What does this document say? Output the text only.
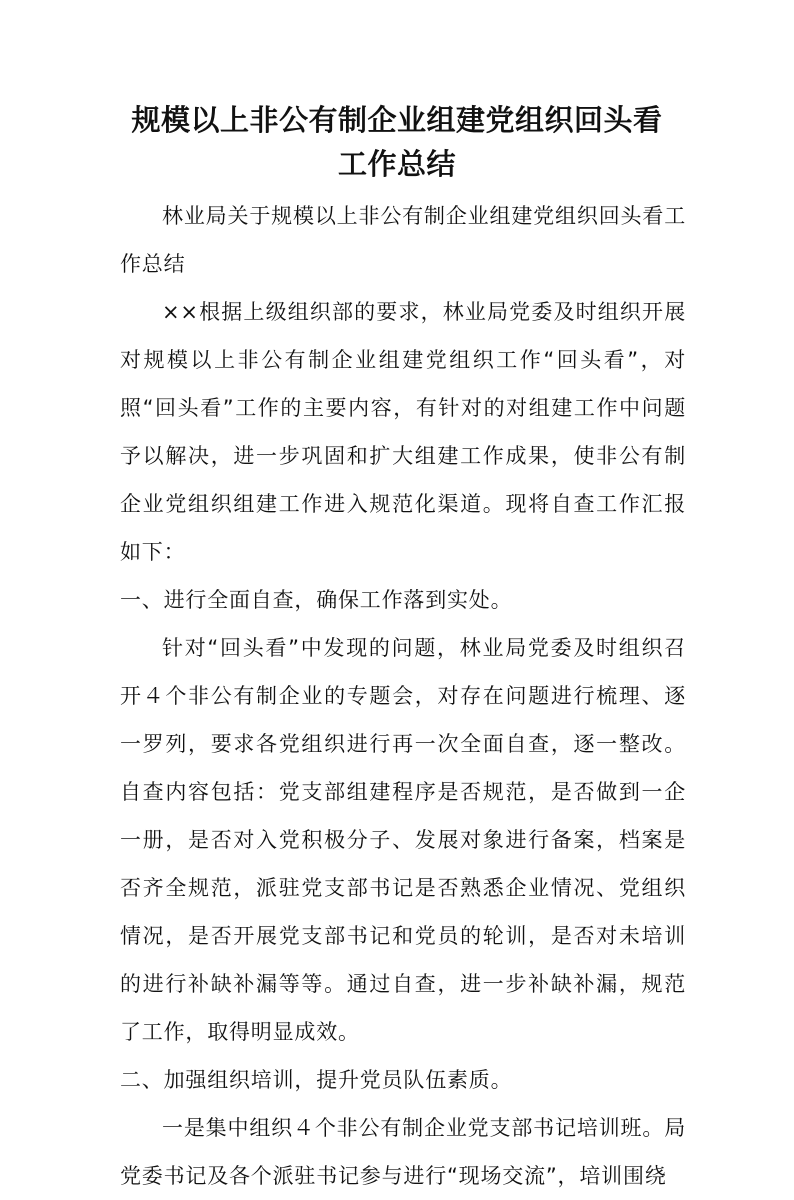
规模以上非公有制企业组建党组织回头看
工作总结

林业局关于规模以上非公有制企业组建党组织回头看工作总结

××根据上级组织部的要求，林业局党委及时组织开展对规模以上非公有制企业组建党组织工作“回头看”，对照“回头看”工作的主要内容，有针对的对组建工作中问题予以解决，进一步巩固和扩大组建工作成果，使非公有制企业党组织组建工作进入规范化渠道。现将自查工作汇报如下：

一、进行全面自查，确保工作落到实处。

针对“回头看”中发现的问题，林业局党委及时组织召开４个非公有制企业的专题会，对存在问题进行梳理、逐一罗列，要求各党组织进行再一次全面自查，逐一整改。自查内容包括：党支部组建程序是否规范，是否做到一企一册，是否对入党积极分子、发展对象进行备案，档案是否齐全规范，派驻党支部书记是否熟悉企业情况、党组织情况，是否开展党支部书记和党员的轮训，是否对未培训的进行补缺补漏等等。通过自查，进一步补缺补漏，规范了工作，取得明显成效。

二、加强组织培训，提升党员队伍素质。

一是集中组织４个非公有制企业党支部书记培训班。局党委书记及各个派驻书记参与进行“现场交流”，培训围绕
